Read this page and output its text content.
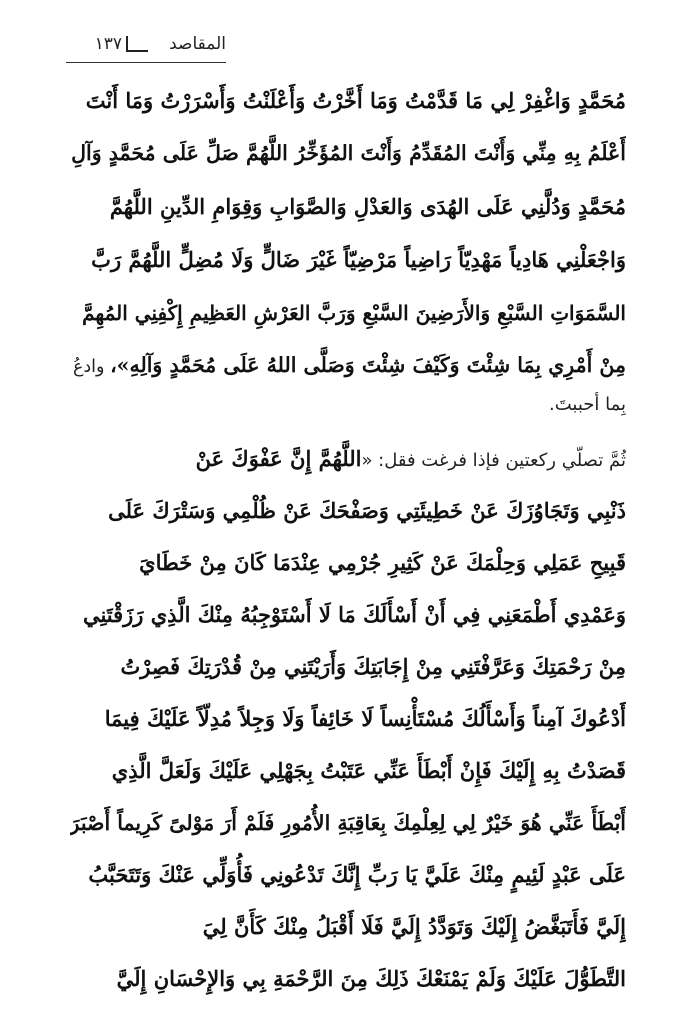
المقاصد
١٣٧
مُحَمَّدٍ وَاغْفِرْ لِي مَا قَدَّمْتُ وَمَا أَخَّرْتُ وَأَعْلَنْتُ وَأَسْرَرْتُ وَمَا أَنْتَ
أَعْلَمُ بِهِ مِنِّي وَأَنْتَ المُقَدِّمُ وَأَنْتَ المُؤَخِّرُ اللَّهُمَّ صَلِّ عَلَى مُحَمَّدٍ وَآلِ
مُحَمَّدٍ وَدُلَّنِي عَلَى الهُدَى وَالعَدْلِ وَالصَّوَابِ وَقِوَامِ الدِّينِ اللَّهُمَّ
وَاجْعَلْنِي هَادِياً مَهْدِيّاً رَاضِياً مَرْضِيّاً غَيْرَ ضَالٍّ وَلَا مُضِلٍّ اللَّهُمَّ رَبَّ
السَّمَوَاتِ السَّبْعِ وَالأَرَضِينَ السَّبْعِ وَرَبَّ العَرْشِ العَظِيمِ إِكْفِنِي المُهِمَّ
مِنْ أَمْرِي بِمَا شِئْتَ وَكَيْفَ شِئْتَ وَصَلَّى اللهُ عَلَى مُحَمَّدٍ وَآلِهِ»، وادعُ
بِما أحببتَ.
ثُمَّ تصلّي ركعتين فإذا فرغت فقل: «اللَّهُمَّ إِنَّ عَفْوَكَ عَنْ
ذَنْبِي وَتَجَاوُزَكَ عَنْ خَطِيئَتِي وَصَفْحَكَ عَنْ ظُلْمِي وَسَتْرَكَ عَلَى
قَبِيحِ عَمَلِي وَحِلْمَكَ عَنْ كَثِيرِ جُرْمِي عِنْدَمَا كَانَ مِنْ خَطَايَ
وَعَمْدِي أَطْمَعَنِي فِي أَنْ أَسْأَلَكَ مَا لَا أَسْتَوْجِبُهُ مِنْكَ الَّذِي رَزَقْتَنِي
مِنْ رَحْمَتِكَ وَعَرَّفْتَنِي مِنْ إِجَابَتِكَ وَأَرَيْتَنِي مِنْ قُدْرَتِكَ فَصِرْتُ
أَدْعُوكَ آمِناً وَأَسْأَلُكَ مُسْتَأْنِساً لَا خَائِفاً وَلَا وَجِلاً مُدِلّاً عَلَيْكَ فِيمَا
قَصَدْتُ بِهِ إِلَيْكَ فَإِنْ أَبْطَأَ عَنِّي عَتَبْتُ بِجَهْلِي عَلَيْكَ وَلَعَلَّ الَّذِي
أَبْطَأَ عَنِّي هُوَ خَيْرٌ لِي لِعِلْمِكَ بِعَاقِبَةِ الأُمُورِ فَلَمْ أَرَ مَوْلىً كَرِيماً أَصْبَرَ
عَلَى عَبْدٍ لَئِيمٍ مِنْكَ عَلَيَّ يَا رَبِّ إِنَّكَ تَدْعُونِي فَأُوَلِّي عَنْكَ وَتَتَحَبَّبُ
إِلَيَّ فَأَتَبَغَّضُ إِلَيْكَ وَتَوَدَّدُ إِلَيَّ فَلَا أَقْبَلُ مِنْكَ كَأَنَّ لِيَ
التَّطَوُّلَ عَلَيْكَ وَلَمْ يَمْنَعْكَ ذَلِكَ مِنَ الرَّحْمَةِ بِي وَالإِحْسَانِ إِلَيَّ
